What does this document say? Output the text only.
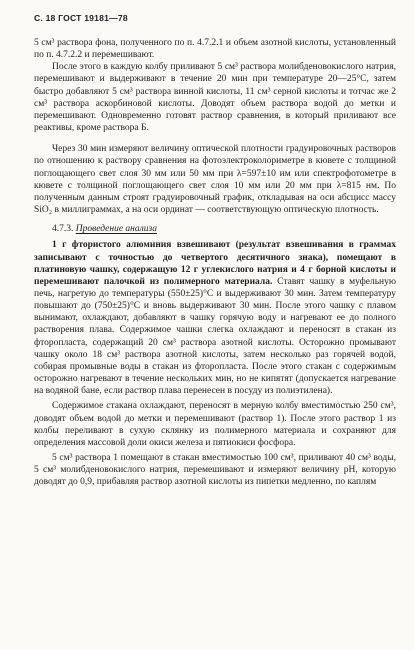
С. 18 ГОСТ 19181—78

5 см³ раствора фона, полученного по п. 4.7.2.1 и объем азотной кислоты, установленный по п. 4.7.2.2 и перемешивают.

После этого в каждую колбу приливают 5 см³ раствора молибденовокислого натрия, перемешивают и выдерживают в течение 20 мин при температуре 20—25°С, затем быстро добавляют 5 см³ раствора винной кислоты, 11 см³ серной кислоты и тотчас же 2 см³ раствора аскорбиновой кислоты. Доводят объем раствора водой до метки и перемешивают. Одновременно готовят раствор сравнения, в который приливают все реактивы, кроме раствора Б.

Через 30 мин измеряют величину оптической плотности градуировочных растворов по отношению к раствору сравнения на фотоэлектроколориметре в кювете с толщиной поглощающего свет слоя 30 мм или 50 мм при λ=597±10 им или спектрофотометре в кювете с толщиной поглощающего свет слоя 10 мм или 20 мм при λ=815 нм. По полученным данным строят градуировочный график, откладывая на оси абсцисс массу SiO₂ в миллиграммах, а на оси ординат — соответствующую оптическую плотность.

4.7.3. Проведение анализа

1 г фтористого алюминия взвешивают (результат взвешивания в граммах записывают с точностью до четвертого десятичного знака), помещают в платиновую чашку, содержащую 12 г углекислого натрия и 4 г борной кислоты и перемешивают палочкой из полимерного материала. Ставят чашку в муфельную печь, нагретую до температуры (550±25)°С и выдерживают 30 мин. Затем температуру повышают до (750±25)°С и вновь выдерживают 30 мин. После этого чашку с плавом вынимают, охлаждают, добавляют в чашку горячую воду и нагревают ее до полного растворения плава. Содержимое чашки слегка охлаждают и переносят в стакан из фторопласта, содержащий 20 см³ раствора азотной кислоты. Осторожно промывают чашку около 18 см³ раствора азотной кислоты, затем несколько раз горячей водой, собирая промывные воды в стакан из фторопласта. После этого стакан с содержимым осторожно нагревают в течение нескольких мин, но не кипятят (допускается нагревание на водяной бане, если раствор плава перенесен в посуду из полиэтилена).

Содержимое стакана охлаждают, переносят в мерную колбу вместимостью 250 см³, доводят объем водой до метки и перемешивают (раствор 1). После этого раствор 1 из колбы переливают в сухую склянку из полимерного материала и сохраняют для определения массовой доли окиси железа и пятиокиси фосфора.

5 см³ раствора 1 помещают в стакан вместимостью 100 см³, приливают 40 см³ воды, 5 см³ молибденовокислого натрия, перемешивают и измеряют величину рН, которую доводят до 0,9, прибавляя раствор азотной кислоты из пипетки медленно, по каплям
